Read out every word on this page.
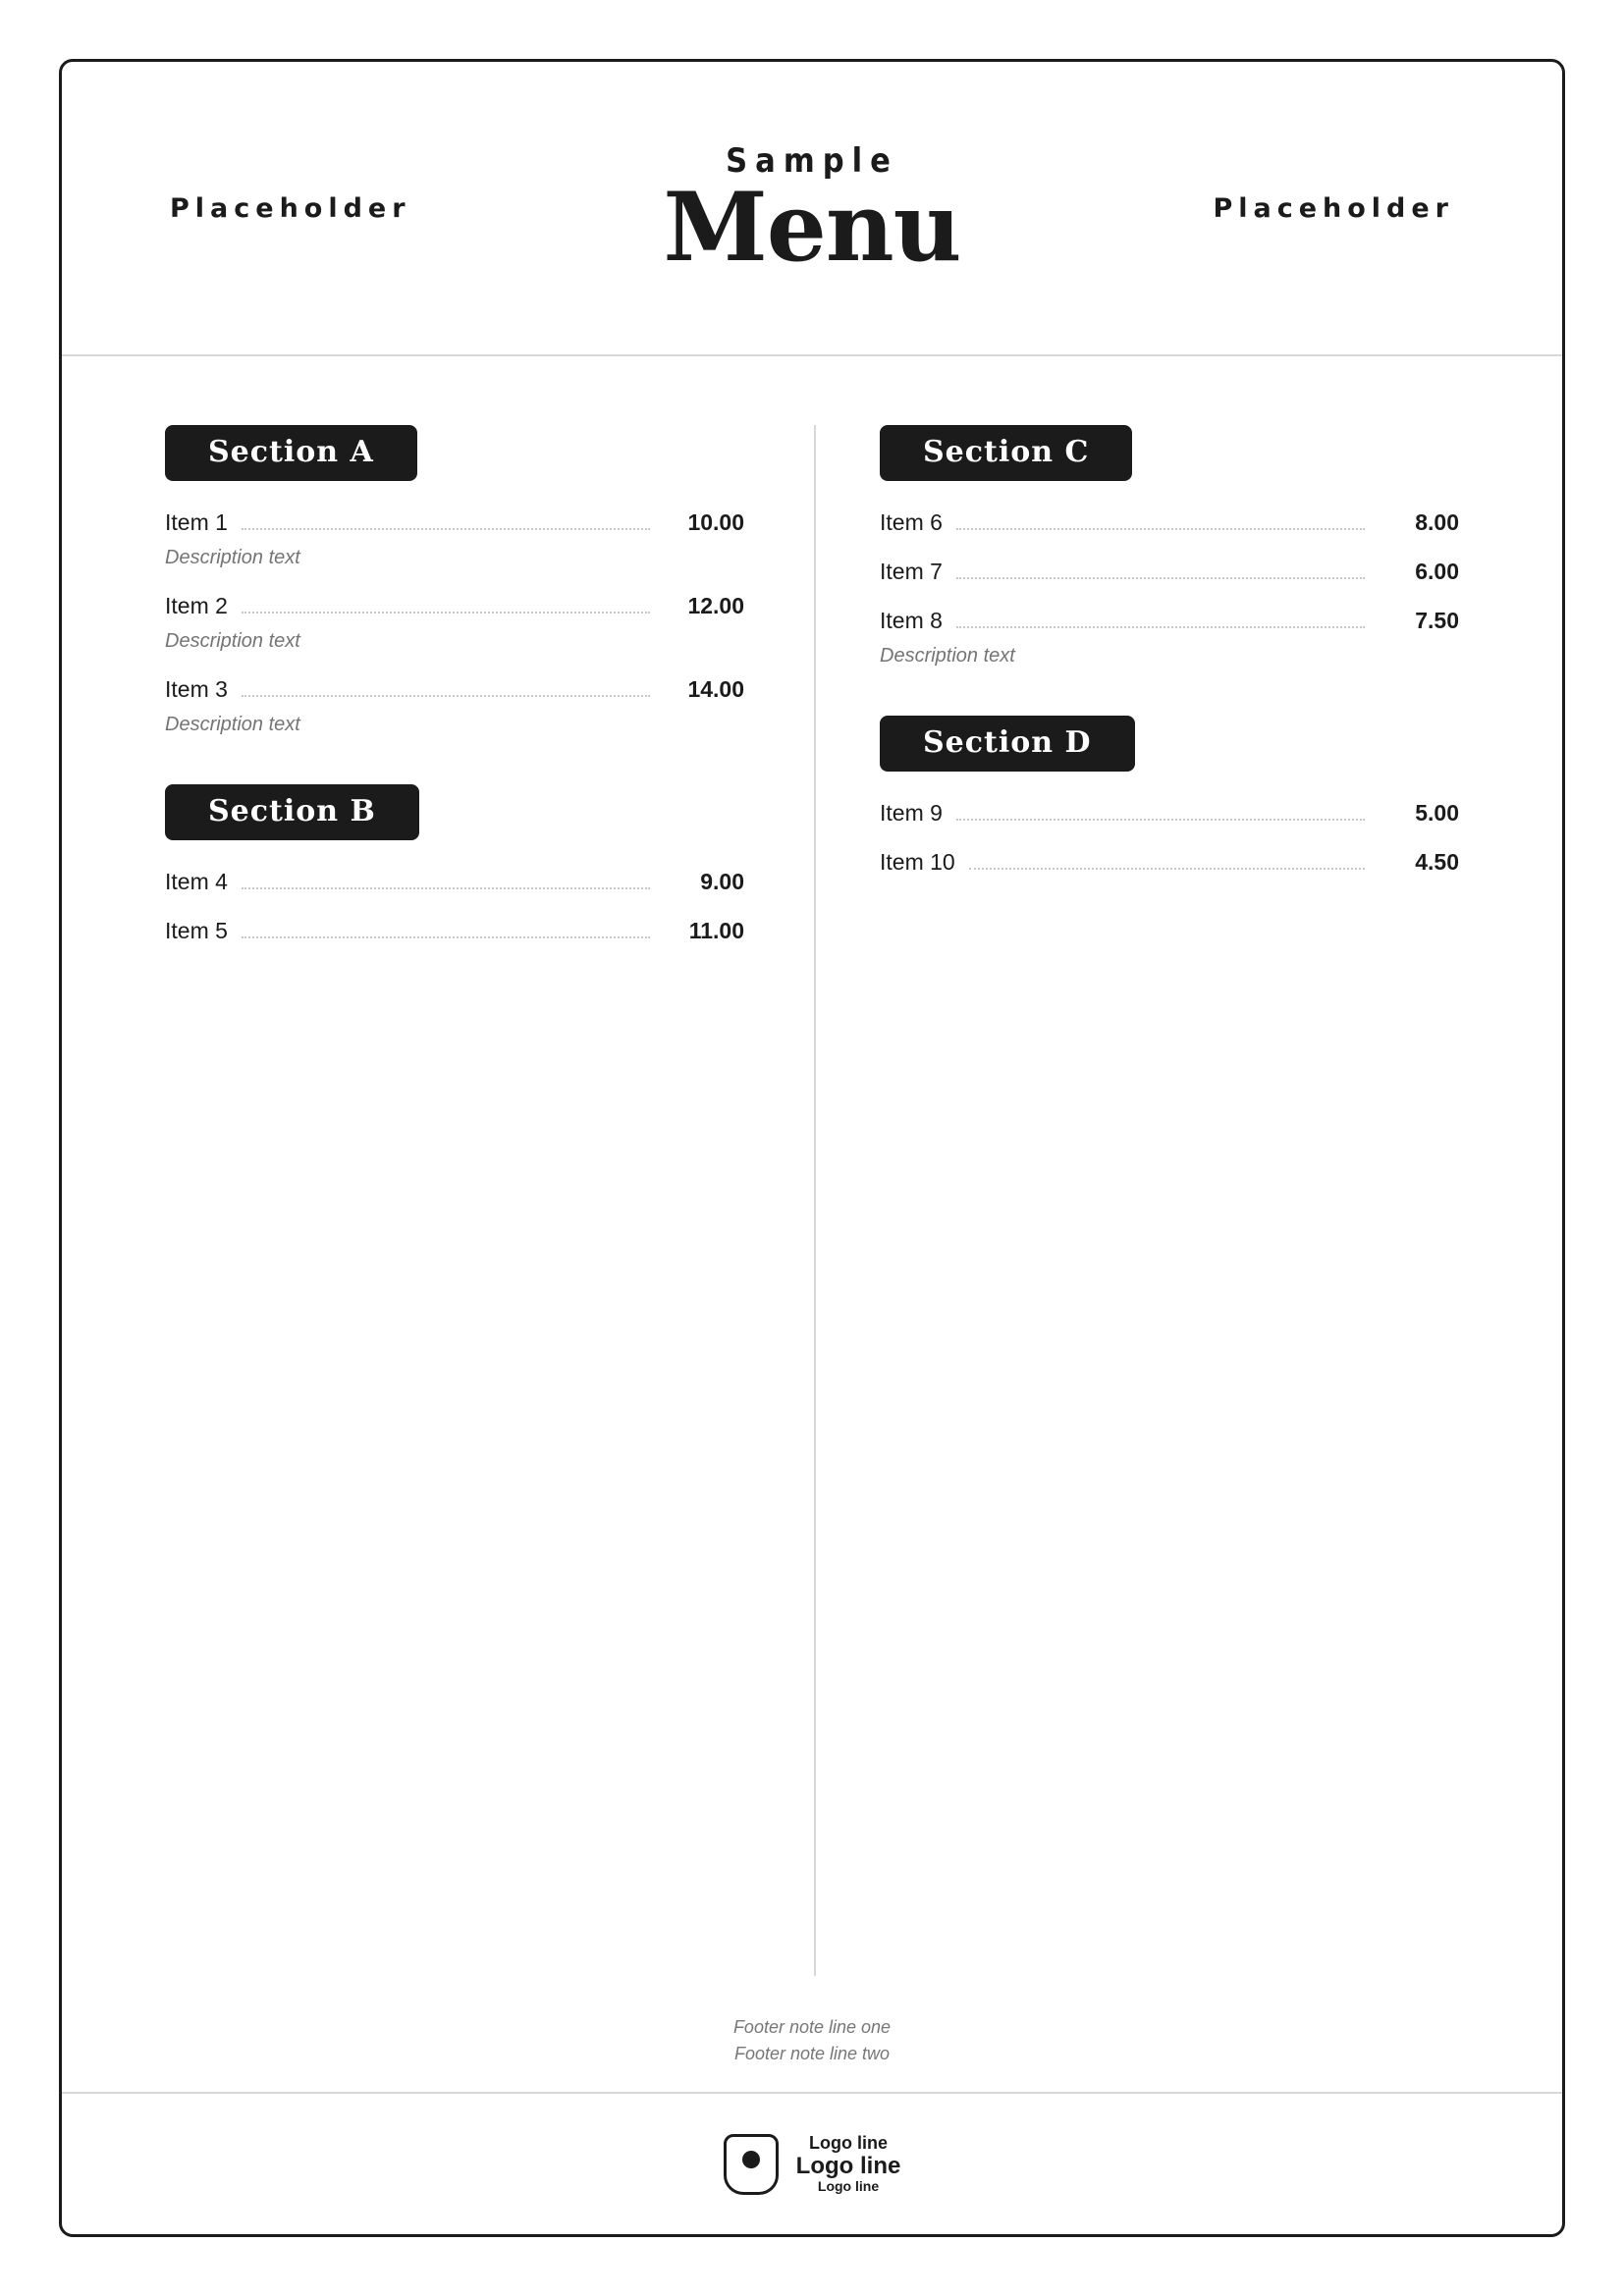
Placeholder
Sample
Menu	Placeholder
Section A
Item 1	10.00
Description text
Item 2	12.00
Description text
Item 3	14.00
Description text
Section B
Item 4	9.00
Item 5	11.00
Section C
Item 6	8.00
Item 7	6.00
Item 8	7.50
Description text
Section D
Item 9	5.00
Item 10	4.50
Footer note line one
Footer note line two
Logo line
Logo line
Logo line
